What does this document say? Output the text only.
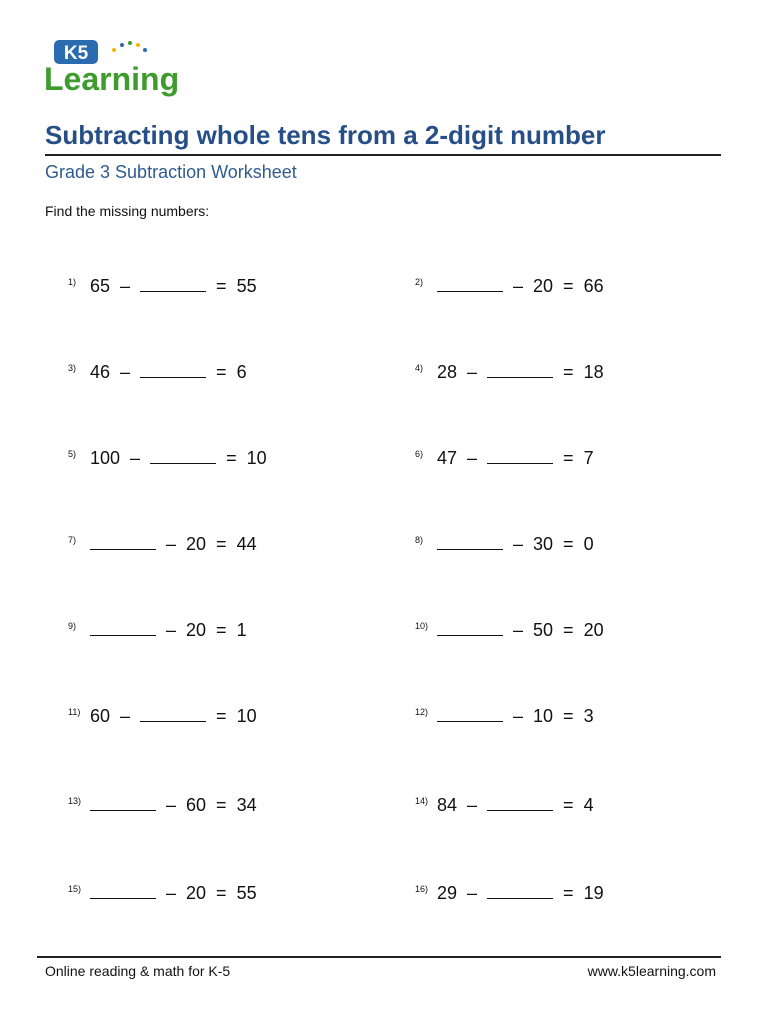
K5
Learning
Subtracting whole tens from a 2-digit number
Grade 3 Subtraction Worksheet
Find the missing numbers:
1) 65 –	= 55	2)	– 20 = 66
3) 46 –	= 6	4) 28 –	= 18
5) 100 –	= 10	6) 47 –	= 7
7)	– 20 = 44	8)	– 30 = 0
9)	– 20 = 1	10)	– 50 = 20
11) 60 –	= 10	12)	– 10 = 3
13)	– 60 = 34	14) 84 –	= 4
15)	– 20 = 55	16) 29 –	= 19
Online reading & math for K-5	www.k5learning.com
